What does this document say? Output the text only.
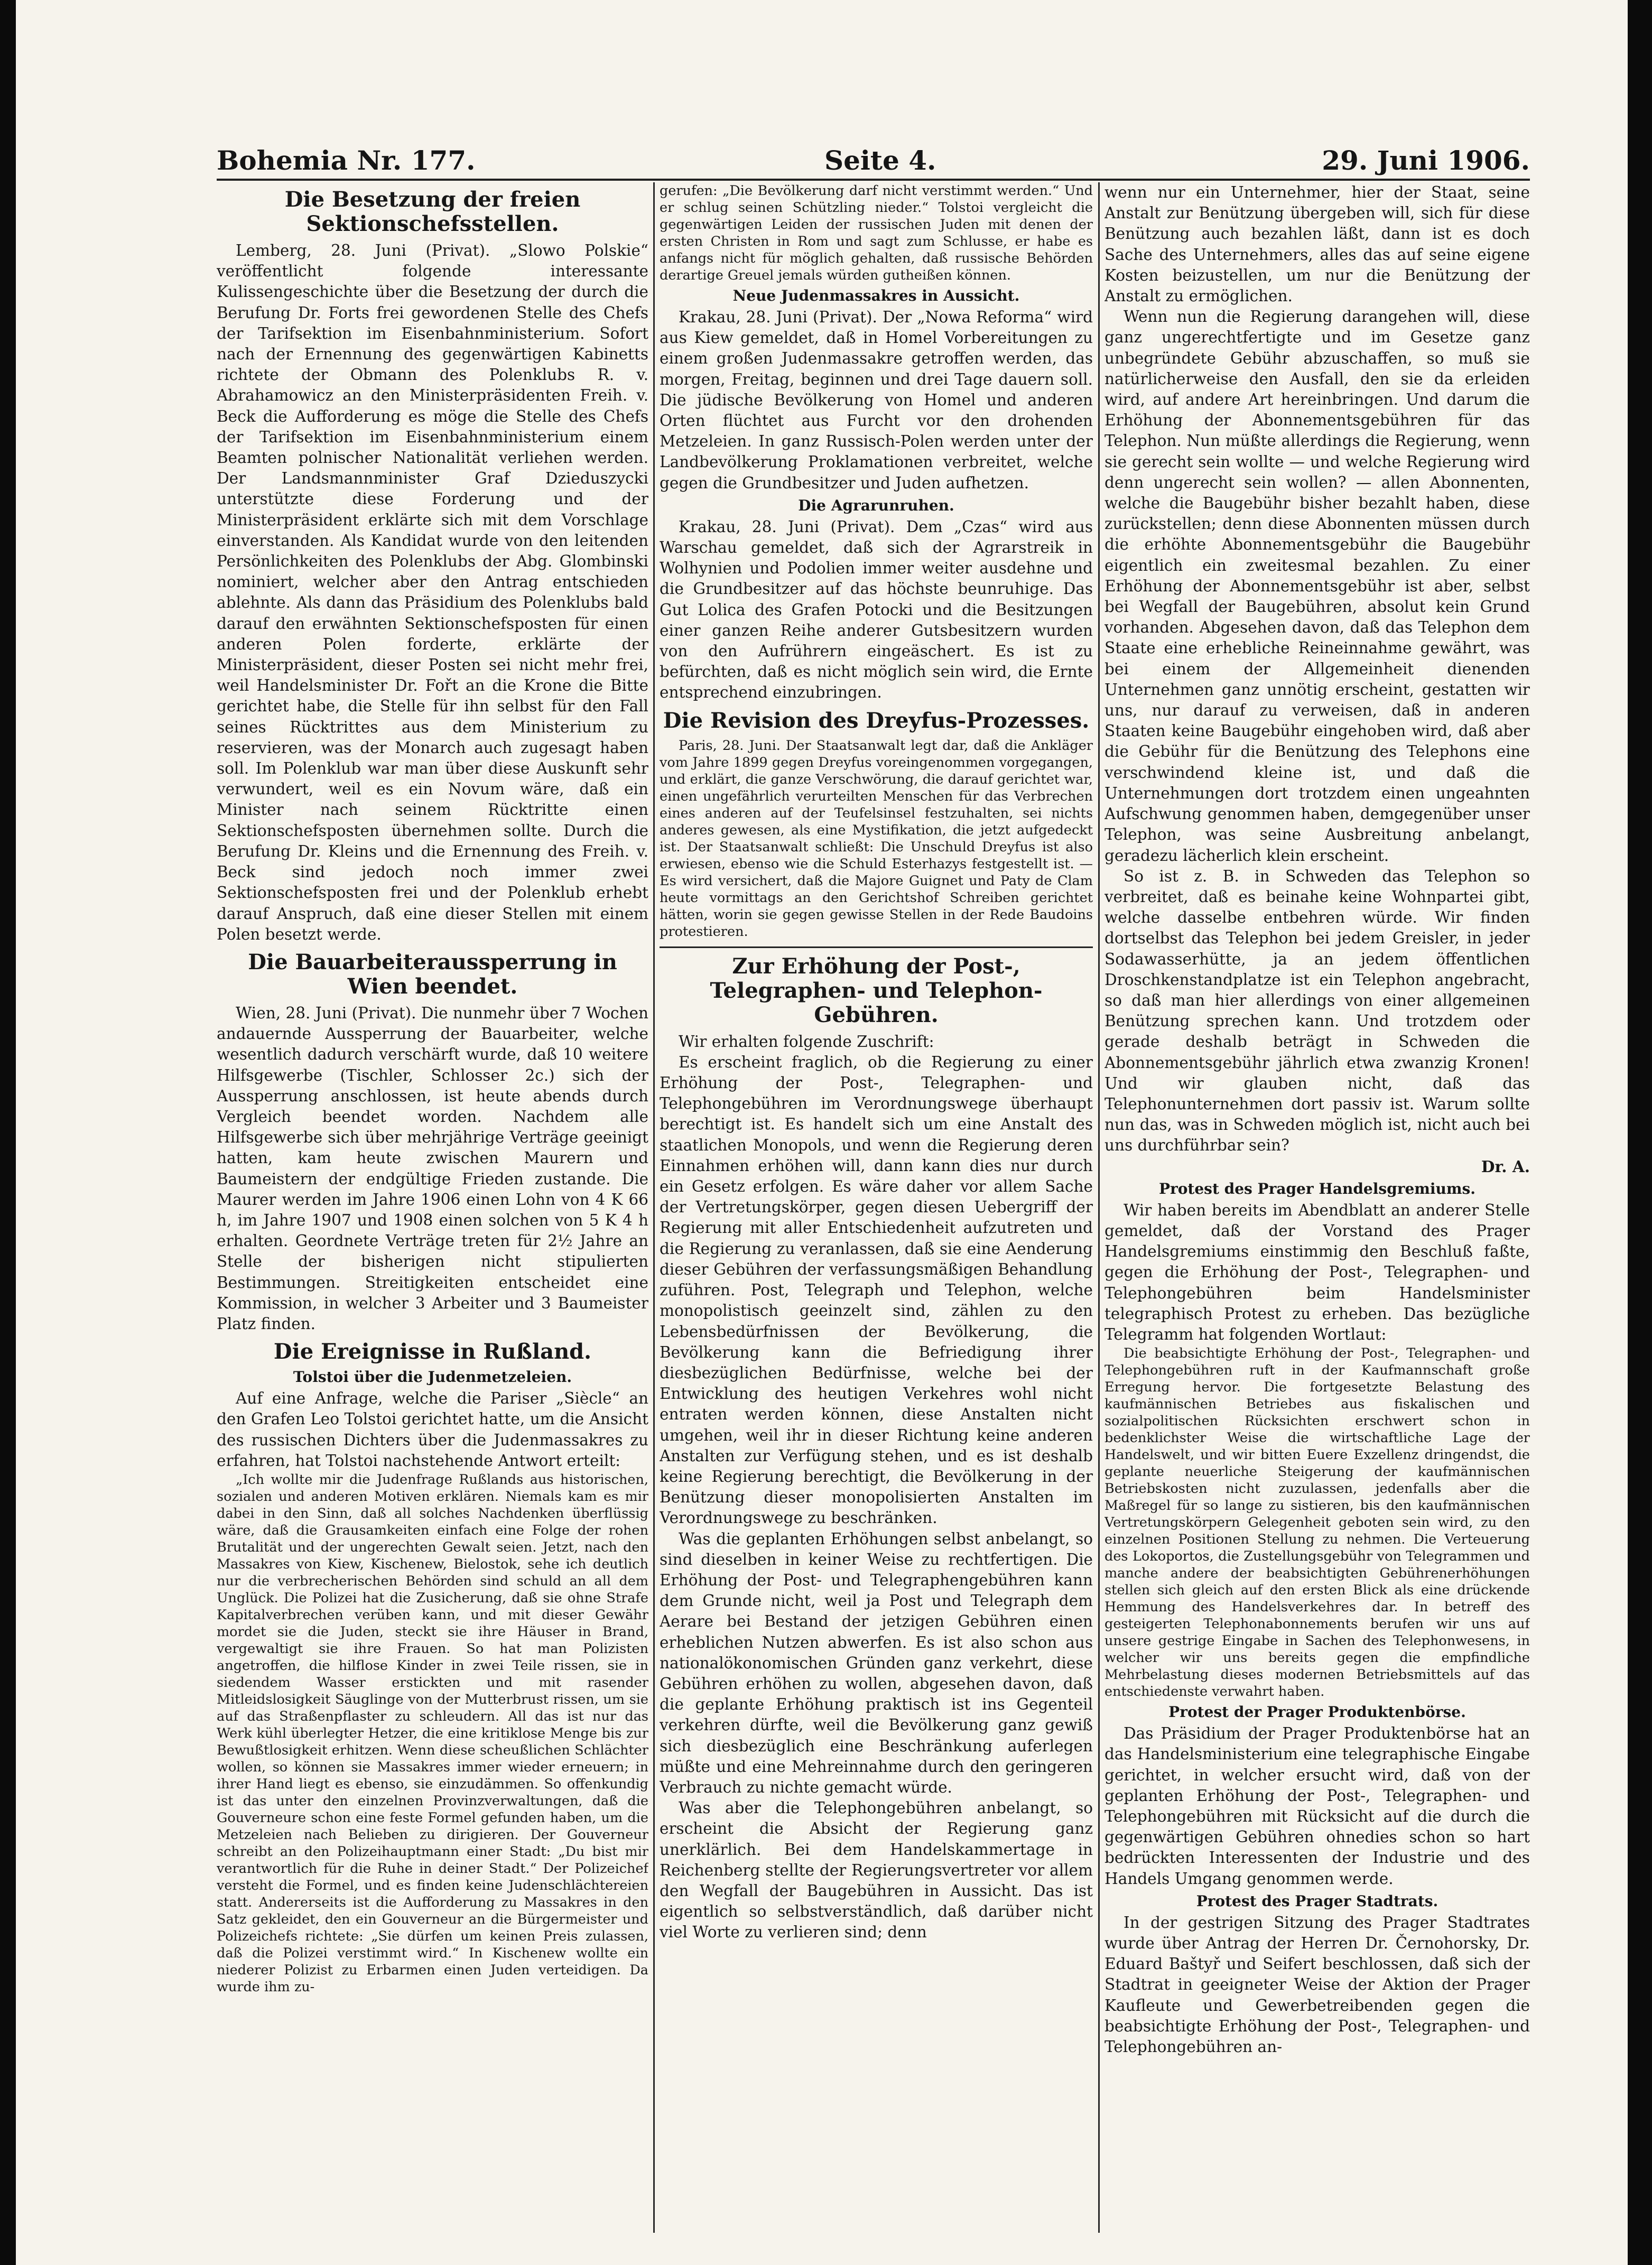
Bohemia Nr. 177.	Seite 4.	29. Juni 1906.
Die Besetzung der freien Sektionschefsstellen.

Lemberg, 28. Juni (Privat). „Slowo Polskie“ veröffentlicht folgende interessante Kulissengeschichte über die Besetzung der durch die Berufung Dr. Forts frei gewordenen Stelle des Chefs der Tarifsektion im Eisenbahnministerium. Sofort nach der Ernennung des gegenwärtigen Kabinetts richtete der Obmann des Polenklubs R. v. Abrahamowicz an den Ministerpräsidenten Freih. v. Beck die Aufforderung es möge die Stelle des Chefs der Tarifsektion im Eisenbahnministerium einem Beamten polnischer Nationalität verliehen werden. Der Landsmannminister Graf Dzieduszycki unterstützte diese Forderung und der Ministerpräsident erklärte sich mit dem Vorschlage einverstanden. Als Kandidat wurde von den leitenden Persönlichkeiten des Polenklubs der Abg. Glombinski nominiert, welcher aber den Antrag entschieden ablehnte. Als dann das Präsidium des Polenklubs bald darauf den erwähnten Sektionschefsposten für einen anderen Polen forderte, erklärte der Ministerpräsident, dieser Posten sei nicht mehr frei, weil Handelsminister Dr. Fořt an die Krone die Bitte gerichtet habe, die Stelle für ihn selbst für den Fall seines Rücktrittes aus dem Ministerium zu reservieren, was der Monarch auch zugesagt haben soll. Im Polenklub war man über diese Auskunft sehr verwundert, weil es ein Novum wäre, daß ein Minister nach seinem Rücktritte einen Sektionschefsposten übernehmen sollte. Durch die Berufung Dr. Kleins und die Ernennung des Freih. v. Beck sind jedoch noch immer zwei Sektionschefsposten frei und der Polenklub erhebt darauf Anspruch, daß eine dieser Stellen mit einem Polen besetzt werde.

Die Bauarbeiteraussperrung in Wien beendet.

Wien, 28. Juni (Privat). Die nunmehr über 7 Wochen andauernde Aussperrung der Bauarbeiter, welche wesentlich dadurch verschärft wurde, daß 10 weitere Hilfsgewerbe (Tischler, Schlosser 2c.) sich der Aussperrung anschlossen, ist heute abends durch Vergleich beendet worden. Nachdem alle Hilfsgewerbe sich über mehrjährige Verträge geeinigt hatten, kam heute zwischen Maurern und Baumeistern der endgültige Frieden zustande. Die Maurer werden im Jahre 1906 einen Lohn von 4 K 66 h, im Jahre 1907 und 1908 einen solchen von 5 K 4 h erhalten. Geordnete Verträge treten für 2½ Jahre an Stelle der bisherigen nicht stipulierten Bestimmungen. Streitigkeiten entscheidet eine Kommission, in welcher 3 Arbeiter und 3 Baumeister Platz finden.

Die Ereignisse in Rußland.
Tolstoi über die Judenmetzeleien.

Auf eine Anfrage, welche die Pariser „Siècle“ an den Grafen Leo Tolstoi gerichtet hatte, um die Ansicht des russischen Dichters über die Judenmassakres zu erfahren, hat Tolstoi nachstehende Antwort erteilt:

„Ich wollte mir die Judenfrage Rußlands aus historischen, sozialen und anderen Motiven erklären. Niemals kam es mir dabei in den Sinn, daß all solches Nachdenken überflüssig wäre, daß die Grausamkeiten einfach eine Folge der rohen Brutalität und der ungerechten Gewalt seien. Jetzt, nach den Massakres von Kiew, Kischenew, Bielostok, sehe ich deutlich nur die verbrecherischen Behörden sind schuld an all dem Unglück. Die Polizei hat die Zusicherung, daß sie ohne Strafe Kapitalverbrechen verüben kann, und mit dieser Gewähr mordet sie die Juden, steckt sie ihre Häuser in Brand, vergewaltigt sie ihre Frauen. So hat man Polizisten angetroffen, die hilflose Kinder in zwei Teile rissen, sie in siedendem Wasser erstickten und mit rasender Mitleidslosigkeit Säuglinge von der Mutterbrust rissen, um sie auf das Straßenpflaster zu schleudern. All das ist nur das Werk kühl überlegter Hetzer, die eine kritiklose Menge bis zur Bewußtlosigkeit erhitzen. Wenn diese scheußlichen Schlächter wollen, so können sie Massakres immer wieder erneuern; in ihrer Hand liegt es ebenso, sie einzudämmen. So offenkundig ist das unter den einzelnen Provinzverwaltungen, daß die Gouverneure schon eine feste Formel gefunden haben, um die Metzeleien nach Belieben zu dirigieren. Der Gouverneur schreibt an den Polizeihauptmann einer Stadt: „Du bist mir verantwortlich für die Ruhe in deiner Stadt.“ Der Polizeichef versteht die Formel, und es finden keine Judenschlächtereien statt. Andererseits ist die Aufforderung zu Massakres in den Satz gekleidet, den ein Gouverneur an die Bürgermeister und Polizeichefs richtete: „Sie dürfen um keinen Preis zulassen, daß die Polizei verstimmt wird.“ In Kischenew wollte ein niederer Polizist zu Erbarmen einen Juden verteidigen. Da wurde ihm zu-

gerufen: „Die Bevölkerung darf nicht verstimmt werden.“ Und er schlug seinen Schützling nieder.“ Tolstoi vergleicht die gegenwärtigen Leiden der russischen Juden mit denen der ersten Christen in Rom und sagt zum Schlusse, er habe es anfangs nicht für möglich gehalten, daß russische Behörden derartige Greuel jemals würden gutheißen können.

Neue Judenmassakres in Aussicht.

Krakau, 28. Juni (Privat). Der „Nowa Reforma“ wird aus Kiew gemeldet, daß in Homel Vorbereitungen zu einem großen Judenmassakre getroffen werden, das morgen, Freitag, beginnen und drei Tage dauern soll. Die jüdische Bevölkerung von Homel und anderen Orten flüchtet aus Furcht vor den drohenden Metzeleien. In ganz Russisch-Polen werden unter der Landbevölkerung Proklamationen verbreitet, welche gegen die Grundbesitzer und Juden aufhetzen.

Die Agrarunruhen.

Krakau, 28. Juni (Privat). Dem „Czas“ wird aus Warschau gemeldet, daß sich der Agrarstreik in Wolhynien und Podolien immer weiter ausdehne und die Grundbesitzer auf das höchste beunruhige. Das Gut Lolica des Grafen Potocki und die Besitzungen einer ganzen Reihe anderer Gutsbesitzern wurden von den Aufrührern eingeäschert. Es ist zu befürchten, daß es nicht möglich sein wird, die Ernte entsprechend einzubringen.

Die Revision des Dreyfus-Prozesses.

Paris, 28. Juni. Der Staatsanwalt legt dar, daß die Ankläger vom Jahre 1899 gegen Dreyfus voreingenommen vorgegangen, und erklärt, die ganze Verschwörung, die darauf gerichtet war, einen ungefährlich verurteilten Menschen für das Verbrechen eines anderen auf der Teufelsinsel festzuhalten, sei nichts anderes gewesen, als eine Mystifikation, die jetzt aufgedeckt ist. Der Staatsanwalt schließt: Die Unschuld Dreyfus ist also erwiesen, ebenso wie die Schuld Esterhazys festgestellt ist. — Es wird versichert, daß die Majore Guignet und Paty de Clam heute vormittags an den Gerichtshof Schreiben gerichtet hätten, worin sie gegen gewisse Stellen in der Rede Baudoins protestieren.

Zur Erhöhung der Post-, Telegraphen- und Telephon-Gebühren.

Wir erhalten folgende Zuschrift:

Es erscheint fraglich, ob die Regierung zu einer Erhöhung der Post-, Telegraphen- und Telephongebühren im Verordnungswege überhaupt berechtigt ist. Es handelt sich um eine Anstalt des staatlichen Monopols, und wenn die Regierung deren Einnahmen erhöhen will, dann kann dies nur durch ein Gesetz erfolgen. Es wäre daher vor allem Sache der Vertretungskörper, gegen diesen Uebergriff der Regierung mit aller Entschiedenheit aufzutreten und die Regierung zu veranlassen, daß sie eine Aenderung dieser Gebühren der verfassungsmäßigen Behandlung zuführen. Post, Telegraph und Telephon, welche monopolistisch geeinzelt sind, zählen zu den Lebensbedürfnissen der Bevölkerung, die Bevölkerung kann die Befriedigung ihrer diesbezüglichen Bedürfnisse, welche bei der Entwicklung des heutigen Verkehres wohl nicht entraten werden können, diese Anstalten nicht umgehen, weil ihr in dieser Richtung keine anderen Anstalten zur Verfügung stehen, und es ist deshalb keine Regierung berechtigt, die Bevölkerung in der Benützung dieser monopolisierten Anstalten im Verordnungswege zu beschränken.

Was die geplanten Erhöhungen selbst anbelangt, so sind dieselben in keiner Weise zu rechtfertigen. Die Erhöhung der Post- und Telegraphengebühren kann dem Grunde nicht, weil ja Post und Telegraph dem Aerare bei Bestand der jetzigen Gebühren einen erheblichen Nutzen abwerfen. Es ist also schon aus nationalökonomischen Gründen ganz verkehrt, diese Gebühren erhöhen zu wollen, abgesehen davon, daß die geplante Erhöhung praktisch ist ins Gegenteil verkehren dürfte, weil die Bevölkerung ganz gewiß sich diesbezüglich eine Beschränkung auferlegen müßte und eine Mehreinnahme durch den geringeren Verbrauch zu nichte gemacht würde.

Was aber die Telephongebühren anbelangt, so erscheint die Absicht der Regierung ganz unerklärlich. Bei dem Handelskammertage in Reichenberg stellte der Regierungsvertreter vor allem den Wegfall der Baugebühren in Aussicht. Das ist eigentlich so selbstverständlich, daß darüber nicht viel Worte zu verlieren sind; denn

wenn nur ein Unternehmer, hier der Staat, seine Anstalt zur Benützung übergeben will, sich für diese Benützung auch bezahlen läßt, dann ist es doch Sache des Unternehmers, alles das auf seine eigene Kosten beizustellen, um nur die Benützung der Anstalt zu ermöglichen.

Wenn nun die Regierung darangehen will, diese ganz ungerechtfertigte und im Gesetze ganz unbegründete Gebühr abzuschaffen, so muß sie natürlicherweise den Ausfall, den sie da erleiden wird, auf andere Art hereinbringen. Und darum die Erhöhung der Abonnementsgebühren für das Telephon. Nun müßte allerdings die Regierung, wenn sie gerecht sein wollte — und welche Regierung wird denn ungerecht sein wollen? — allen Abonnenten, welche die Baugebühr bisher bezahlt haben, diese zurückstellen; denn diese Abonnenten müssen durch die erhöhte Abonnementsgebühr die Baugebühr eigentlich ein zweitesmal bezahlen. Zu einer Erhöhung der Abonnementsgebühr ist aber, selbst bei Wegfall der Baugebühren, absolut kein Grund vorhanden. Abgesehen davon, daß das Telephon dem Staate eine erhebliche Reineinnahme gewährt, was bei einem der Allgemeinheit dienenden Unternehmen ganz unnötig erscheint, gestatten wir uns, nur darauf zu verweisen, daß in anderen Staaten keine Baugebühr eingehoben wird, daß aber die Gebühr für die Benützung des Telephons eine verschwindend kleine ist, und daß die Unternehmungen dort trotzdem einen ungeahnten Aufschwung genommen haben, demgegenüber unser Telephon, was seine Ausbreitung anbelangt, geradezu lächerlich klein erscheint.

So ist z. B. in Schweden das Telephon so verbreitet, daß es beinahe keine Wohnpartei gibt, welche dasselbe entbehren würde. Wir finden dortselbst das Telephon bei jedem Greisler, in jeder Sodawasserhütte, ja an jedem öffentlichen Droschkenstandplatze ist ein Telephon angebracht, so daß man hier allerdings von einer allgemeinen Benützung sprechen kann. Und trotzdem oder gerade deshalb beträgt in Schweden die Abonnementsgebühr jährlich etwa zwanzig Kronen! Und wir glauben nicht, daß das Telephonunternehmen dort passiv ist. Warum sollte nun das, was in Schweden möglich ist, nicht auch bei uns durchführbar sein?

Dr. A.

Protest des Prager Handelsgremiums.

Wir haben bereits im Abendblatt an anderer Stelle gemeldet, daß der Vorstand des Prager Handelsgremiums einstimmig den Beschluß faßte, gegen die Erhöhung der Post-, Telegraphen- und Telephongebühren beim Handelsminister telegraphisch Protest zu erheben. Das bezügliche Telegramm hat folgenden Wortlaut:

Die beabsichtigte Erhöhung der Post-, Telegraphen- und Telephongebühren ruft in der Kaufmannschaft große Erregung hervor. Die fortgesetzte Belastung des kaufmännischen Betriebes aus fiskalischen und sozialpolitischen Rücksichten erschwert schon in bedenklichster Weise die wirtschaftliche Lage der Handelswelt, und wir bitten Euere Exzellenz dringendst, die geplante neuerliche Steigerung der kaufmännischen Betriebskosten nicht zuzulassen, jedenfalls aber die Maßregel für so lange zu sistieren, bis den kaufmännischen Vertretungskörpern Gelegenheit geboten sein wird, zu den einzelnen Positionen Stellung zu nehmen. Die Verteuerung des Lokoportos, die Zustellungsgebühr von Telegrammen und manche andere der beabsichtigten Gebührenerhöhungen stellen sich gleich auf den ersten Blick als eine drückende Hemmung des Handelsverkehres dar. In betreff des gesteigerten Telephonabonnements berufen wir uns auf unsere gestrige Eingabe in Sachen des Telephonwesens, in welcher wir uns bereits gegen die empfindliche Mehrbelastung dieses modernen Betriebsmittels auf das entschiedenste verwahrt haben.

Protest der Prager Produktenbörse.

Das Präsidium der Prager Produktenbörse hat an das Handelsministerium eine telegraphische Eingabe gerichtet, in welcher ersucht wird, daß von der geplanten Erhöhung der Post-, Telegraphen- und Telephongebühren mit Rücksicht auf die durch die gegenwärtigen Gebühren ohnedies schon so hart bedrückten Interessenten der Industrie und des Handels Umgang genommen werde.

Protest des Prager Stadtrats.

In der gestrigen Sitzung des Prager Stadtrates wurde über Antrag der Herren Dr. Černohorsky, Dr. Eduard Baštyř und Seifert beschlossen, daß sich der Stadtrat in geeigneter Weise der Aktion der Prager Kaufleute und Gewerbetreibenden gegen die beabsichtigte Erhöhung der Post-, Telegraphen- und Telephongebühren an-
